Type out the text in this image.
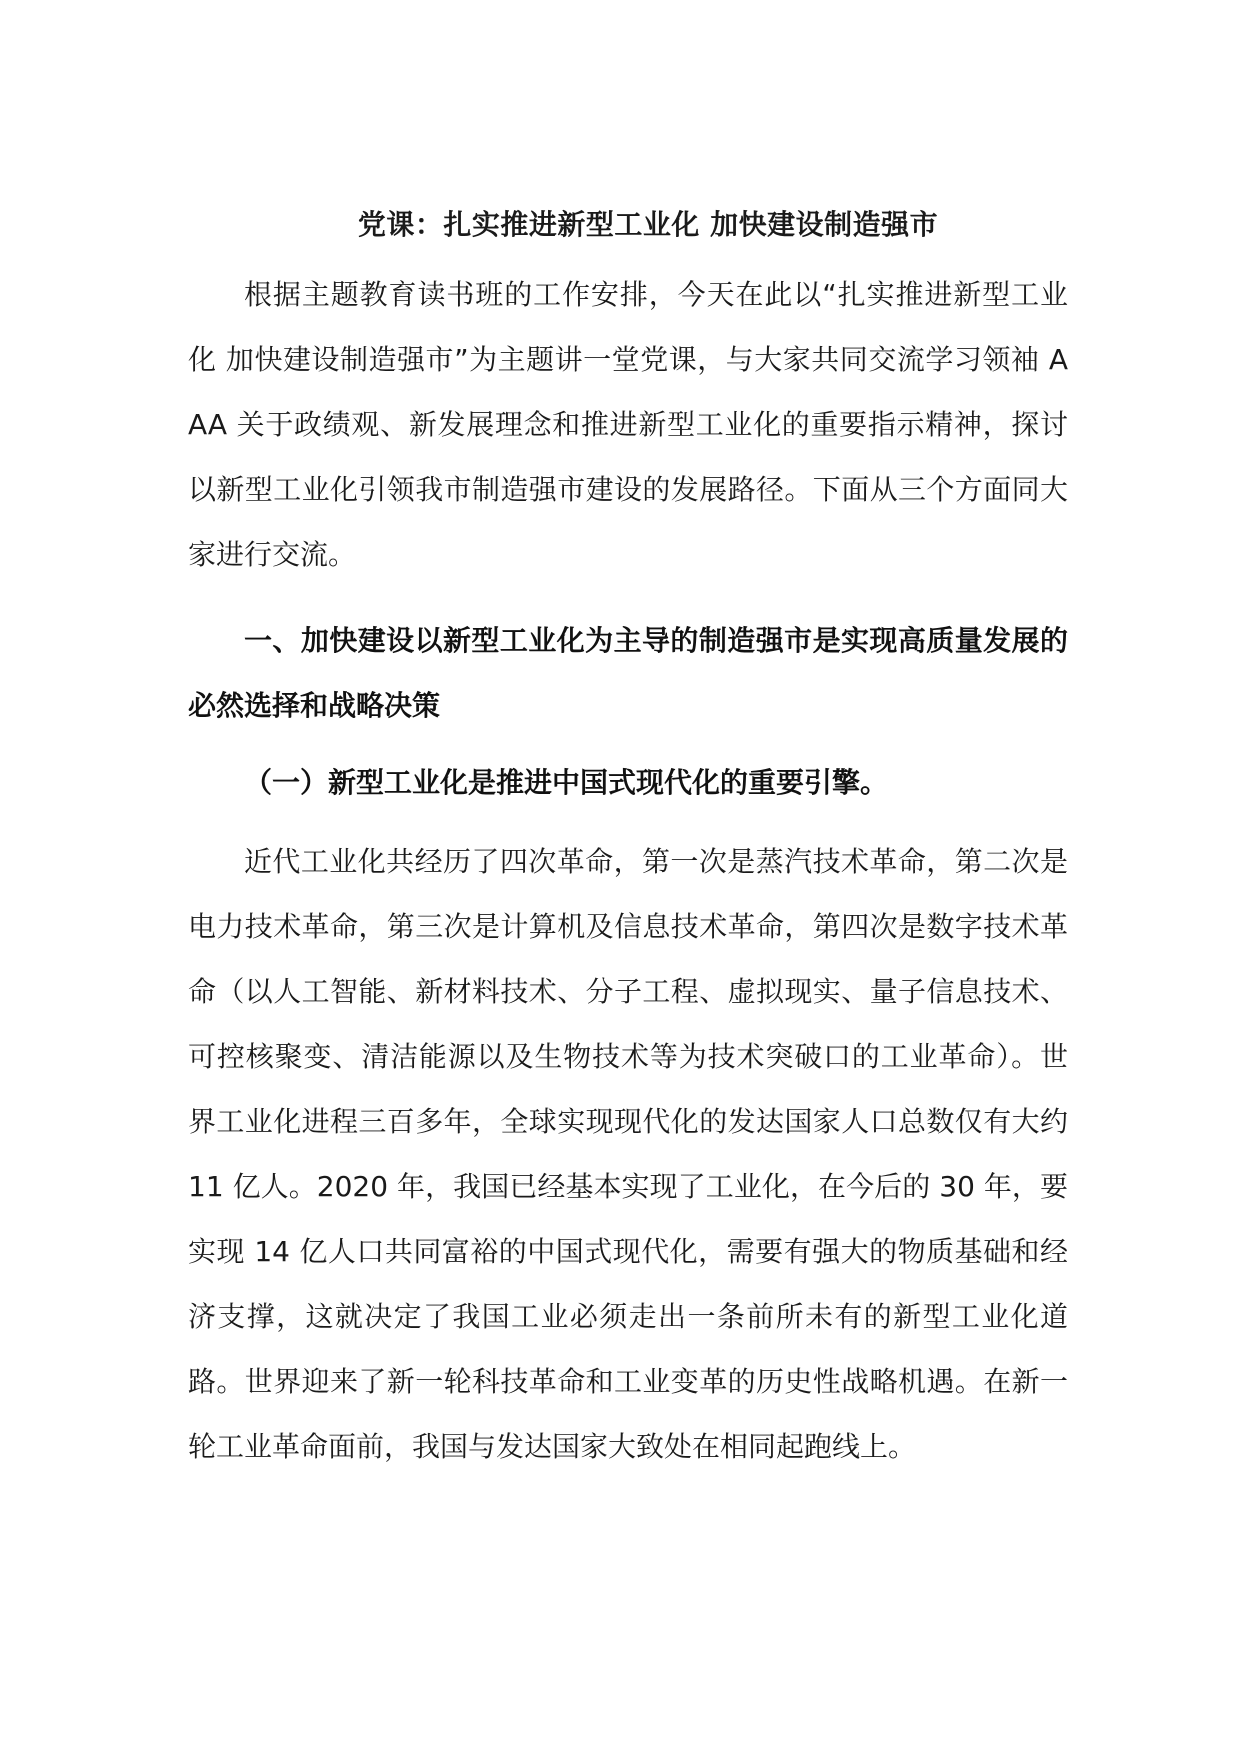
党课：扎实推进新型工业化 加快建设制造强市

根据主题教育读书班的工作安排，今天在此以“扎实推进新型工业化 加快建设制造强市”为主题讲一堂党课，与大家共同交流学习领袖 AAA 关于政绩观、新发展理念和推进新型工业化的重要指示精神，探讨以新型工业化引领我市制造强市建设的发展路径。下面从三个方面同大家进行交流。

一、加快建设以新型工业化为主导的制造强市是实现高质量发展的必然选择和战略决策
（一）新型工业化是推进中国式现代化的重要引擎。

近代工业化共经历了四次革命，第一次是蒸汽技术革命，第二次是电力技术革命，第三次是计算机及信息技术革命，第四次是数字技术革命（以人工智能、新材料技术、分子工程、虚拟现实、量子信息技术、可控核聚变、清洁能源以及生物技术等为技术突破口的工业革命）。世界工业化进程三百多年，全球实现现代化的发达国家人口总数仅有大约 11 亿人。2020 年，我国已经基本实现了工业化，在今后的 30 年，要实现 14 亿人口共同富裕的中国式现代化，需要有强大的物质基础和经济支撑，这就决定了我国工业必须走出一条前所未有的新型工业化道路。世界迎来了新一轮科技革命和工业变革的历史性战略机遇。在新一轮工业革命面前，我国与发达国家大致处在相同起跑线上。
